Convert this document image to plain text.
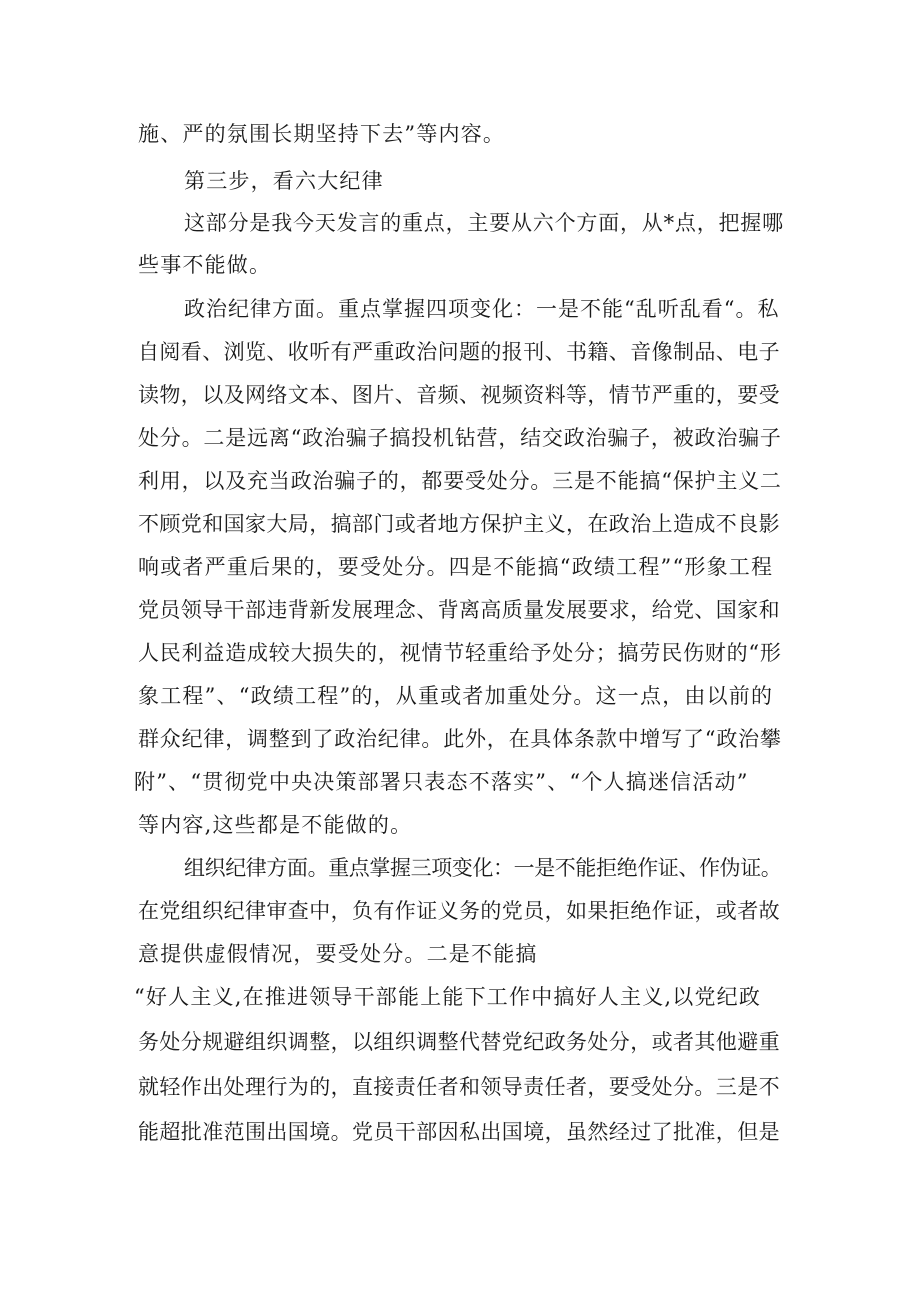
施、严的氛围长期坚持下去”等内容。
第三步，看六大纪律
这部分是我今天发言的重点，主要从六个方面，从*点，把握哪
些事不能做。
政治纪律方面。重点掌握四项变化：一是不能“乱听乱看“。私
自阅看、浏览、收听有严重政治问题的报刊、书籍、音像制品、电子
读物，以及网络文本、图片、音频、视频资料等，情节严重的，要受
处分。二是远离“政治骗子搞投机钻营，结交政治骗子，被政治骗子
利用，以及充当政治骗子的，都要受处分。三是不能搞“保护主义二
不顾党和国家大局，搞部门或者地方保护主义，在政治上造成不良影
响或者严重后果的，要受处分。四是不能搞“政绩工程”“形象工程
党员领导干部违背新发展理念、背离高质量发展要求，给党、国家和
人民利益造成较大损失的，视情节轻重给予处分；搞劳民伤财的“形
象工程”、“政绩工程”的，从重或者加重处分。这一点，由以前的
群众纪律，调整到了政治纪律。此外，在具体条款中增写了“政治攀
附”、“贯彻党中央决策部署只表态不落实”、“个人搞迷信活动”
等内容,这些都是不能做的。
组织纪律方面。重点掌握三项变化：一是不能拒绝作证、作伪证。
在党组织纪律审查中，负有作证义务的党员，如果拒绝作证，或者故
意提供虚假情况，要受处分。二是不能搞
“好人主义,在推进领导干部能上能下工作中搞好人主义,以党纪政
务处分规避组织调整，以组织调整代替党纪政务处分，或者其他避重
就轻作出处理行为的，直接责任者和领导责任者，要受处分。三是不
能超批准范围出国境。党员干部因私出国境，虽然经过了批准，但是
